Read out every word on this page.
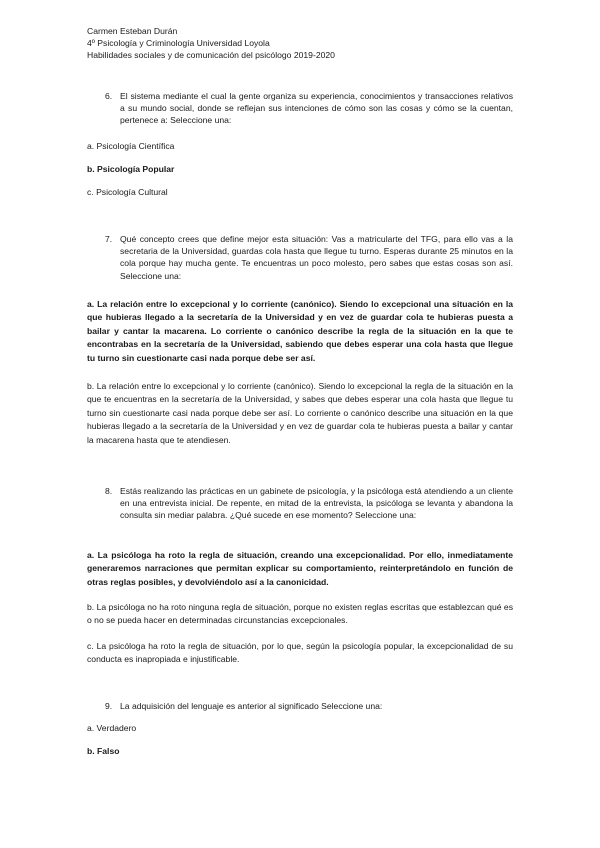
Carmen Esteban Durán
4º Psicología y Criminología Universidad Loyola
Habilidades sociales y de comunicación del psicólogo 2019-2020
6. El sistema mediante el cual la gente organiza su experiencia, conocimientos y transacciones relativos a su mundo social, donde se reflejan sus intenciones de cómo son las cosas y cómo se la cuentan, pertenece a: Seleccione una:
a. Psicología Científica
b. Psicología Popular
c. Psicología Cultural
7. Qué concepto crees que define mejor esta situación: Vas a matricularte del TFG, para ello vas a la secretaria de la Universidad, guardas cola hasta que llegue tu turno. Esperas durante 25 minutos en la cola porque hay mucha gente. Te encuentras un poco molesto, pero sabes que estas cosas son así. Seleccione una:
a. La relación entre lo excepcional y lo corriente (canónico). Siendo lo excepcional una situación en la que hubieras llegado a la secretaría de la Universidad y en vez de guardar cola te hubieras puesta a bailar y cantar la macarena. Lo corriente o canónico describe la regla de la situación en la que te encontrabas en la secretaría de la Universidad, sabiendo que debes esperar una cola hasta que llegue tu turno sin cuestionarte casi nada porque debe ser así.
b. La relación entre lo excepcional y lo corriente (canónico). Siendo lo excepcional la regla de la situación en la que te encuentras en la secretaría de la Universidad, y sabes que debes esperar una cola hasta que llegue tu turno sin cuestionarte casi nada porque debe ser así. Lo corriente o canónico describe una situación en la que hubieras llegado a la secretaría de la Universidad y en vez de guardar cola te hubieras puesta a bailar y cantar la macarena hasta que te atendiesen.
8. Estás realizando las prácticas en un gabinete de psicología, y la psicóloga está atendiendo a un cliente en una entrevista inicial. De repente, en mitad de la entrevista, la psicóloga se levanta y abandona la consulta sin mediar palabra. ¿Qué sucede en ese momento? Seleccione una:
a. La psicóloga ha roto la regla de situación, creando una excepcionalidad. Por ello, inmediatamente generaremos narraciones que permitan explicar su comportamiento, reinterpretándolo en función de otras reglas posibles, y devolviéndolo así a la canonicidad.
b. La psicóloga no ha roto ninguna regla de situación, porque no existen reglas escritas que establezcan qué es o no se pueda hacer en determinadas circunstancias excepcionales.
c. La psicóloga ha roto la regla de situación, por lo que, según la psicología popular, la excepcionalidad de su conducta es inapropiada e injustificable.
9. La adquisición del lenguaje es anterior al significado Seleccione una:
a. Verdadero
b. Falso
